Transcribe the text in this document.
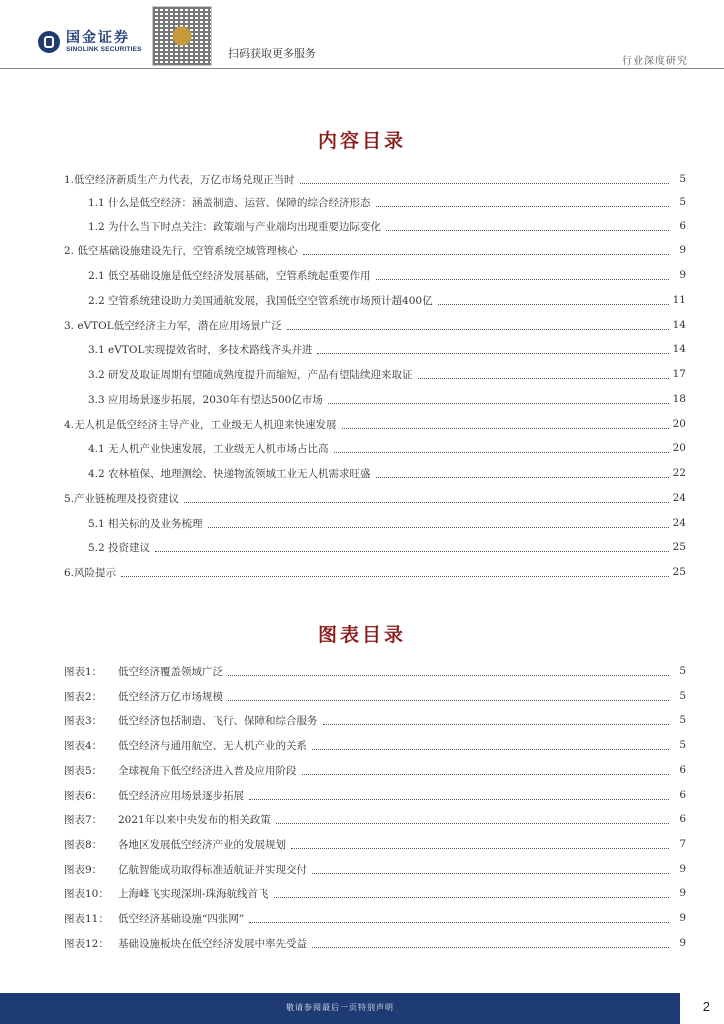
国金证券
SINOLINK SECURITIES	扫码获取更多服务
行业深度研究
内容目录
1.低空经济新质生产力代表，万亿市场兑现正当时	5
1.1 什么是低空经济：涵盖制造、运营、保障的综合经济形态	5
1.2 为什么当下时点关注：政策端与产业端均出现重要边际变化	6
2. 低空基础设施建设先行，空管系统空域管理核心	9
2.1 低空基础设施是低空经济发展基础，空管系统起重要作用	9
2.2 空管系统建设助力美国通航发展，我国低空空管系统市场预计超400亿	11
3. eVTOL低空经济主力军，潜在应用场景广泛	14
3.1 eVTOL实现提效省时，多技术路线齐头并进	14
3.2 研发及取证周期有望随成熟度提升而缩短，产品有望陆续迎来取证	17
3.3 应用场景逐步拓展，2030年有望达500亿市场	18
4.无人机是低空经济主导产业，工业级无人机迎来快速发展	20
4.1 无人机产业快速发展，工业级无人机市场占比高	20
4.2 农林植保、地理测绘、快递物流领域工业无人机需求旺盛	22
5.产业链梳理及投资建议	24
5.1 相关标的及业务梳理	24
5.2 投资建议	25
6.风险提示	25
图表目录
图表1：	低空经济覆盖领域广泛	5
图表2：	低空经济万亿市场规模	5
图表3：	低空经济包括制造、飞行、保障和综合服务	5
图表4：	低空经济与通用航空、无人机产业的关系	5
图表5：	全球视角下低空经济进入普及应用阶段	6
图表6：	低空经济应用场景逐步拓展	6
图表7：	2021年以来中央发布的相关政策	6
图表8：	各地区发展低空经济产业的发展规划	7
图表9：	亿航智能成功取得标准适航证并实现交付	9
图表10： 上海峰飞实现深圳-珠海航线首飞	9
图表11： 低空经济基础设施“四张网”	9
图表12： 基础设施板块在低空经济发展中率先受益	9
敬请参阅最后一页特别声明	2
